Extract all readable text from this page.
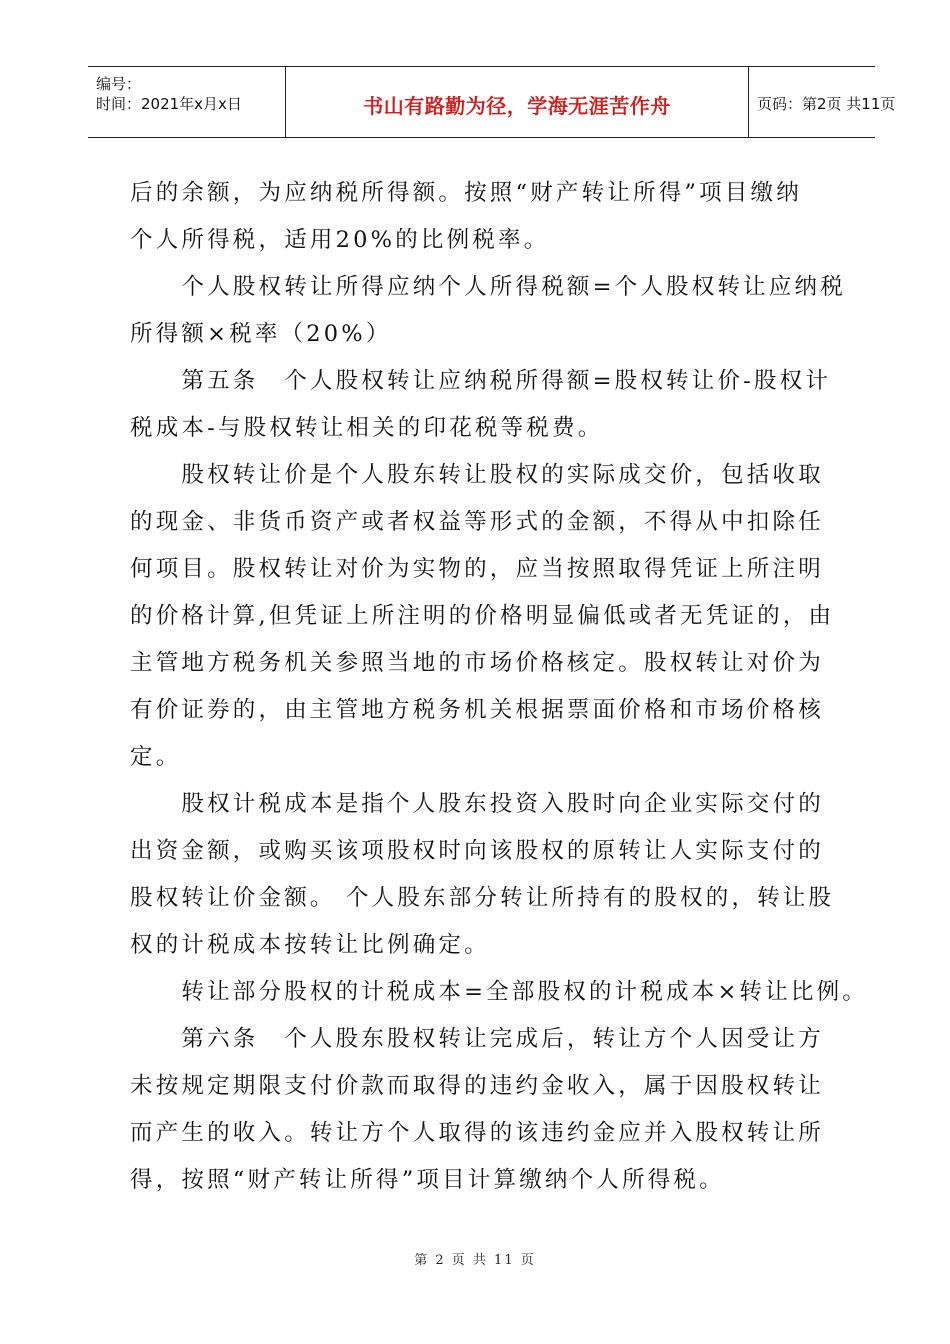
编号：
时间：2021年x月x日	书山有路勤为径，学海无涯苦作舟	页码：第2页 共11页
后的余额，为应纳税所得额。按照“财产转让所得”项目缴纳
个人所得税，适用20%的比例税率。
　　个人股权转让所得应纳个人所得税额=个人股权转让应纳税
所得额×税率（20%）
　　第五条　个人股权转让应纳税所得额=股权转让价-股权计
税成本-与股权转让相关的印花税等税费。
　　股权转让价是个人股东转让股权的实际成交价，包括收取
的现金、非货币资产或者权益等形式的金额，不得从中扣除任
何项目。股权转让对价为实物的，应当按照取得凭证上所注明
的价格计算,但凭证上所注明的价格明显偏低或者无凭证的，由
主管地方税务机关参照当地的市场价格核定。股权转让对价为
有价证券的，由主管地方税务机关根据票面价格和市场价格核
定。
　　股权计税成本是指个人股东投资入股时向企业实际交付的
出资金额，或购买该项股权时向该股权的原转让人实际支付的
股权转让价金额。 个人股东部分转让所持有的股权的，转让股
权的计税成本按转让比例确定。
　　转让部分股权的计税成本=全部股权的计税成本×转让比例。
　　第六条　个人股东股权转让完成后，转让方个人因受让方
未按规定期限支付价款而取得的违约金收入，属于因股权转让
而产生的收入。转让方个人取得的该违约金应并入股权转让所
得，按照“财产转让所得”项目计算缴纳个人所得税。
第 2 页 共 11 页
